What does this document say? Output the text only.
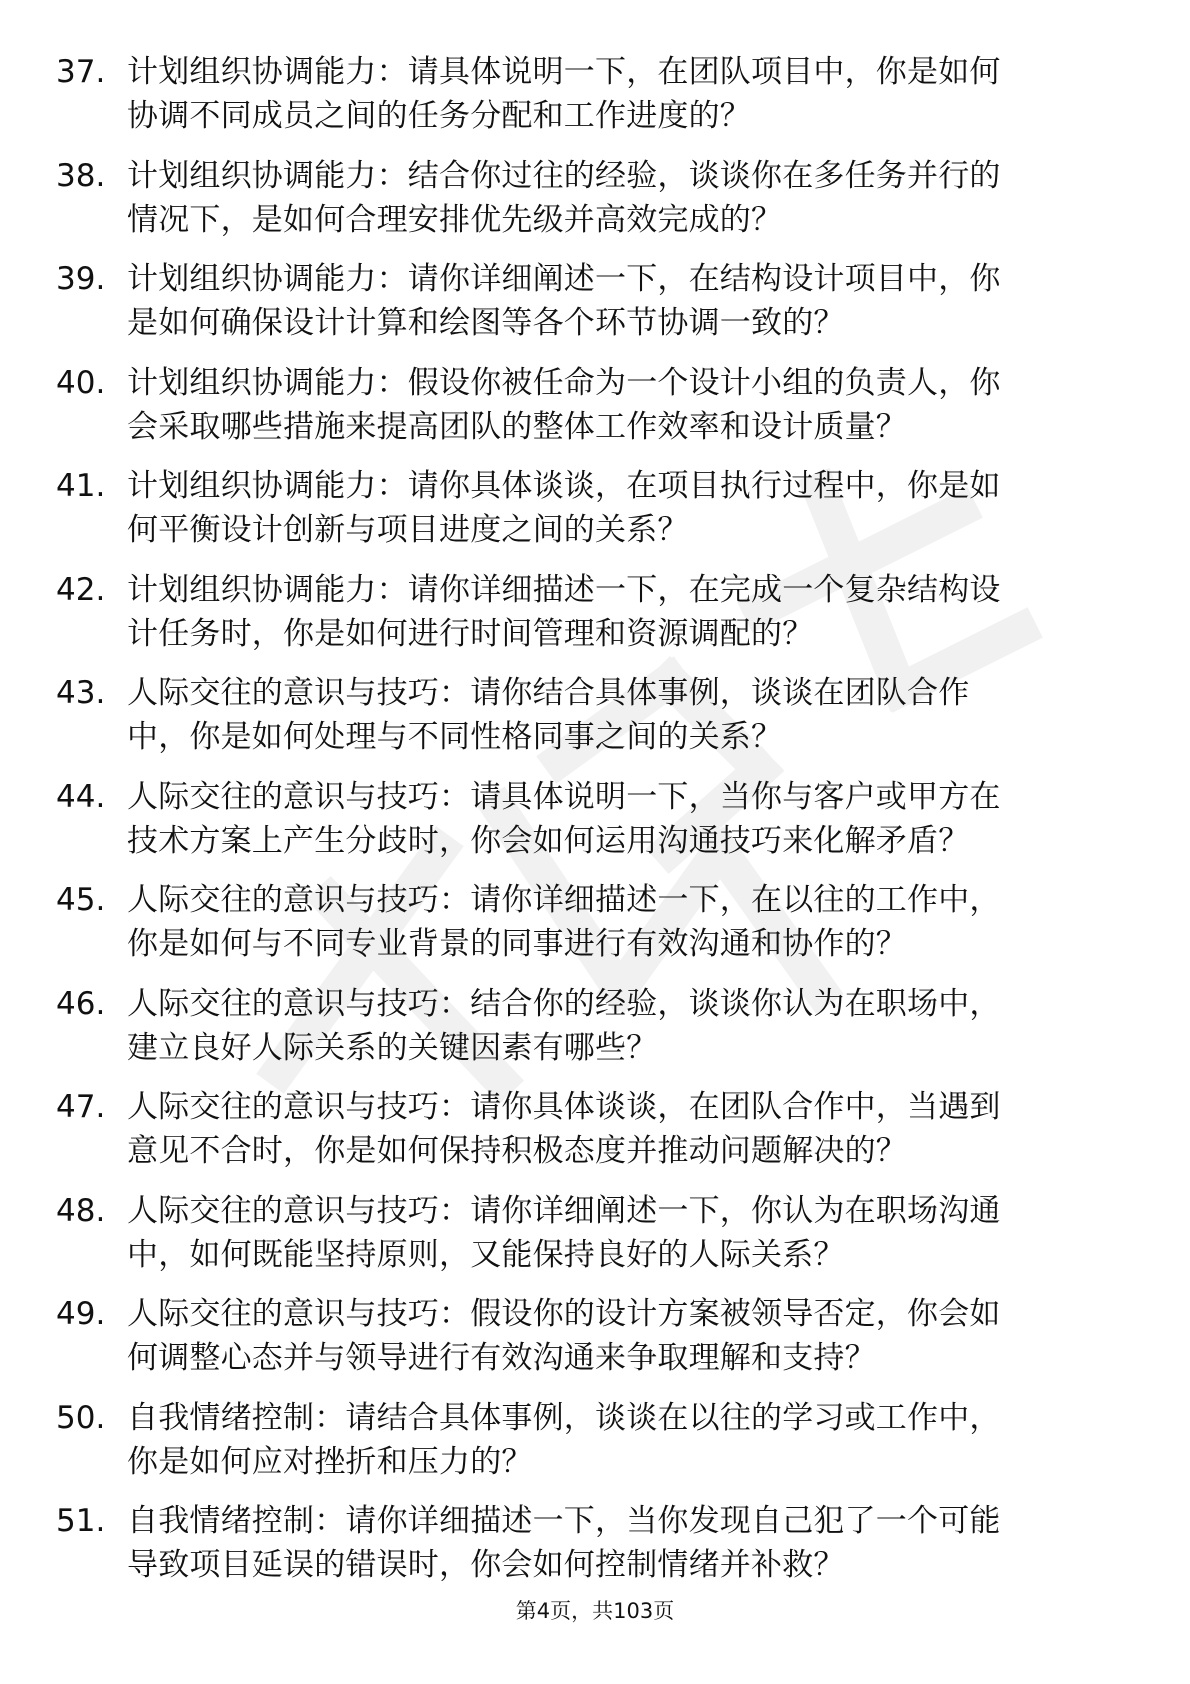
37. 计划组织协调能力：请具体说明一下，在团队项目中，你是如何
协调不同成员之间的任务分配和工作进度的？
38. 计划组织协调能力：结合你过往的经验，谈谈你在多任务并行的
情况下，是如何合理安排优先级并高效完成的？
39. 计划组织协调能力：请你详细阐述一下，在结构设计项目中，你
是如何确保设计计算和绘图等各个环节协调一致的？
40. 计划组织协调能力：假设你被任命为一个设计小组的负责人，你
会采取哪些措施来提高团队的整体工作效率和设计质量？
41. 计划组织协调能力：请你具体谈谈，在项目执行过程中，你是如
何平衡设计创新与项目进度之间的关系？
42. 计划组织协调能力：请你详细描述一下，在完成一个复杂结构设
计任务时，你是如何进行时间管理和资源调配的？
43. 人际交往的意识与技巧：请你结合具体事例，谈谈在团队合作
中，你是如何处理与不同性格同事之间的关系？
44. 人际交往的意识与技巧：请具体说明一下，当你与客户或甲方在
技术方案上产生分歧时，你会如何运用沟通技巧来化解矛盾？
45. 人际交往的意识与技巧：请你详细描述一下，在以往的工作中，
你是如何与不同专业背景的同事进行有效沟通和协作的？
46. 人际交往的意识与技巧：结合你的经验，谈谈你认为在职场中，
建立良好人际关系的关键因素有哪些？
47. 人际交往的意识与技巧：请你具体谈谈，在团队合作中，当遇到
意见不合时，你是如何保持积极态度并推动问题解决的？
48. 人际交往的意识与技巧：请你详细阐述一下，你认为在职场沟通
中，如何既能坚持原则，又能保持良好的人际关系？
49. 人际交往的意识与技巧：假设你的设计方案被领导否定，你会如
何调整心态并与领导进行有效沟通来争取理解和支持？
50. 自我情绪控制：请结合具体事例，谈谈在以往的学习或工作中，
你是如何应对挫折和压力的？
51. 自我情绪控制：请你详细描述一下，当你发现自己犯了一个可能
导致项目延误的错误时，你会如何控制情绪并补救？
第4页，共103页
